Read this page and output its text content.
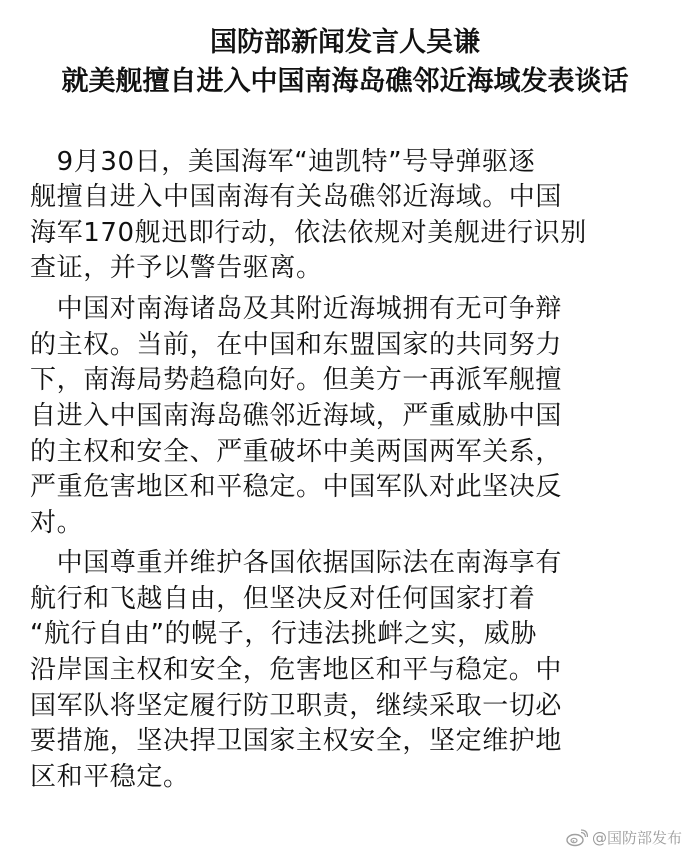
国防部新闻发言人吴谦
就美舰擅自进入中国南海岛礁邻近海域发表谈话
　9月30日，美国海军“迪凯特”号导弹驱逐
舰擅自进入中国南海有关岛礁邻近海域。中国
海军170舰迅即行动，依法依规对美舰进行识别
查证，并予以警告驱离。
　中国对南海诸岛及其附近海城拥有无可争辩
的主权。当前，在中国和东盟国家的共同努力
下，南海局势趋稳向好。但美方一再派军舰擅
自进入中国南海岛礁邻近海域，严重威胁中国
的主权和安全、严重破坏中美两国两军关系，
严重危害地区和平稳定。中国军队对此坚决反
对。
　中国尊重并维护各国依据国际法在南海享有
航行和飞越自由，但坚决反对任何国家打着
“航行自由”的幌子，行违法挑衅之实，威胁
沿岸国主权和安全，危害地区和平与稳定。中
国军队将坚定履行防卫职责，继续采取一切必
要措施，坚决捍卫国家主权安全，坚定维护地
区和平稳定。
@国防部发布
